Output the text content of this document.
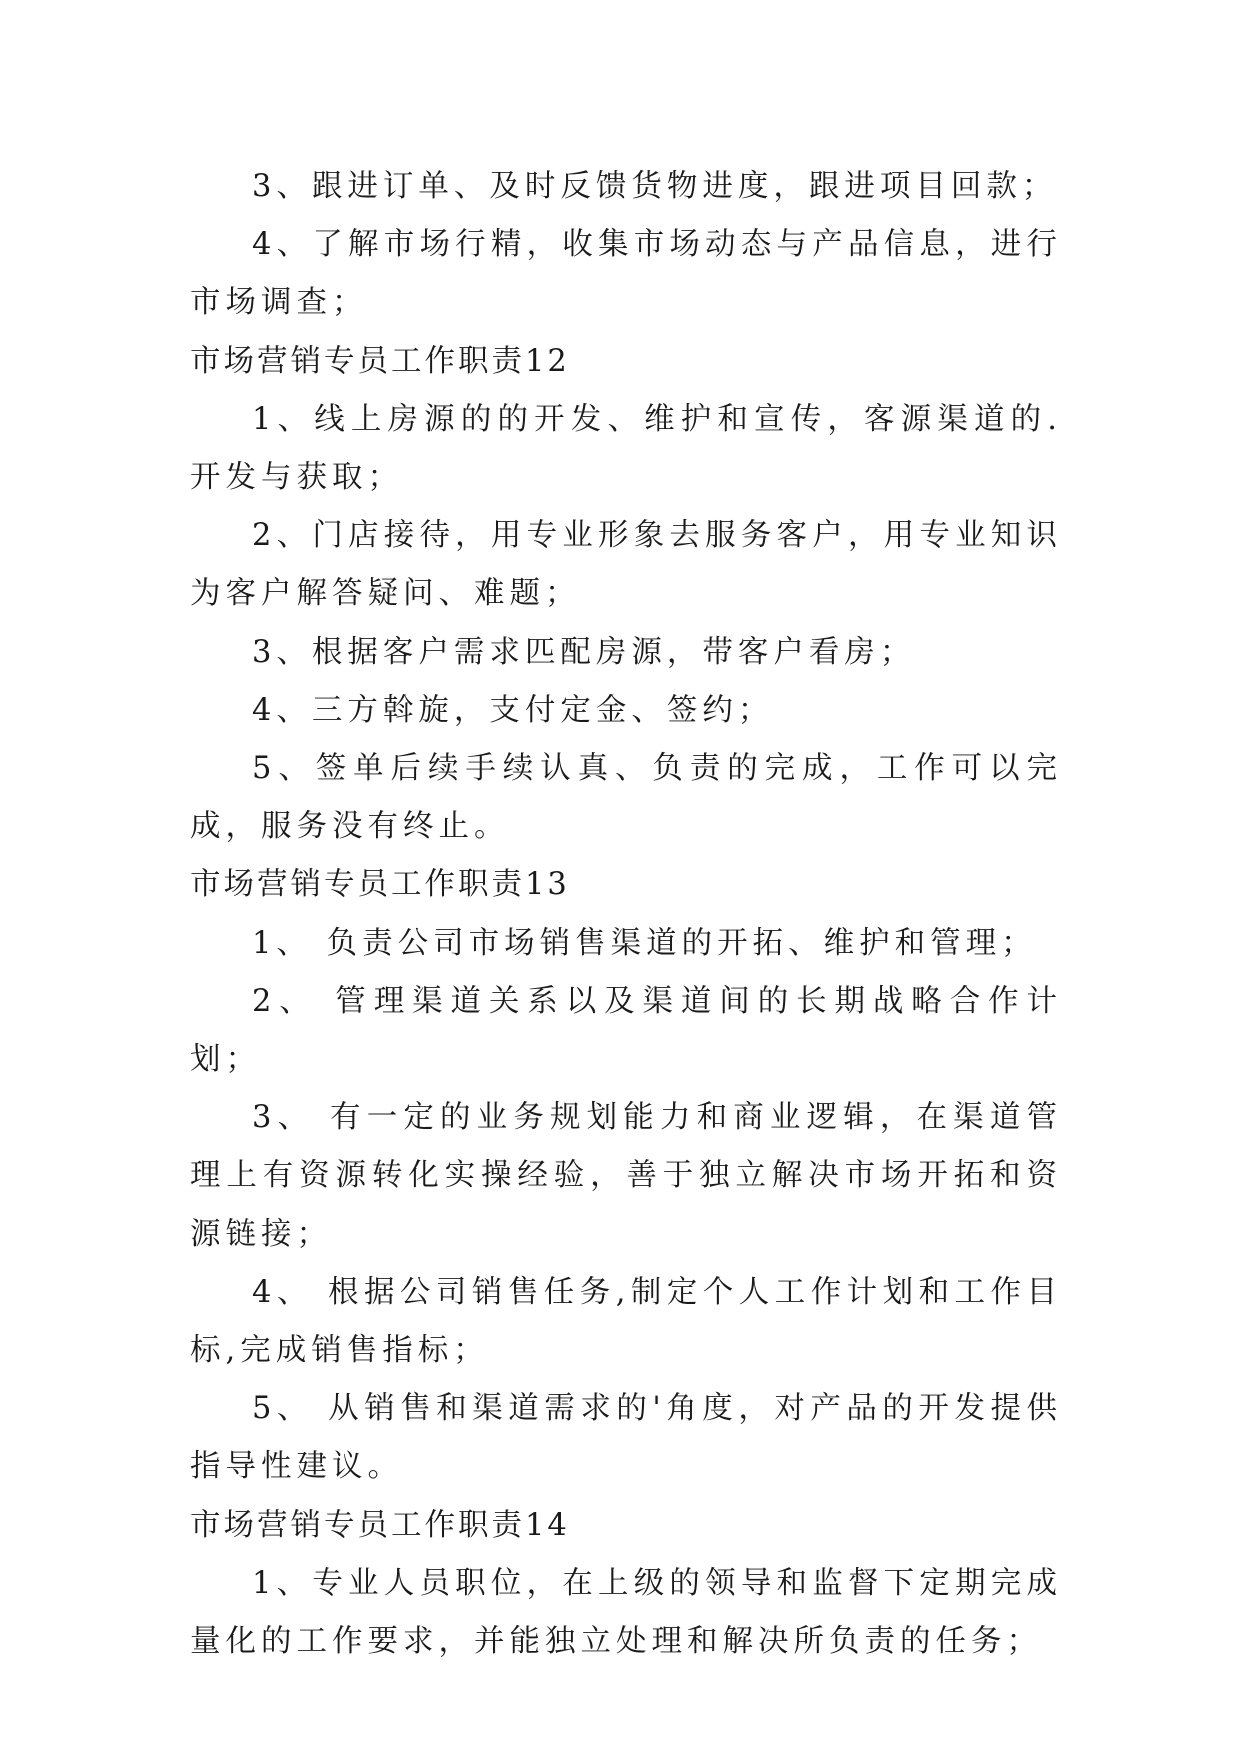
3、跟进订单、及时反馈货物进度，跟进项目回款；

4、了解市场行精，收集市场动态与产品信息，进行市场调查；

市场营销专员工作职责12

1、线上房源的的开发、维护和宣传，客源渠道的.开发与获取；

2、门店接待，用专业形象去服务客户，用专业知识为客户解答疑问、难题；

3、根据客户需求匹配房源，带客户看房；

4、三方斡旋，支付定金、签约；

5、签单后续手续认真、负责的完成，工作可以完成，服务没有终止。

市场营销专员工作职责13

1、 负责公司市场销售渠道的开拓、维护和管理；

2、 管理渠道关系以及渠道间的长期战略合作计划；

3、 有一定的业务规划能力和商业逻辑，在渠道管理上有资源转化实操经验，善于独立解决市场开拓和资源链接；

4、 根据公司销售任务,制定个人工作计划和工作目标,完成销售指标；

5、 从销售和渠道需求的'角度，对产品的开发提供指导性建议。

市场营销专员工作职责14

1、专业人员职位，在上级的领导和监督下定期完成量化的工作要求，并能独立处理和解决所负责的任务；
